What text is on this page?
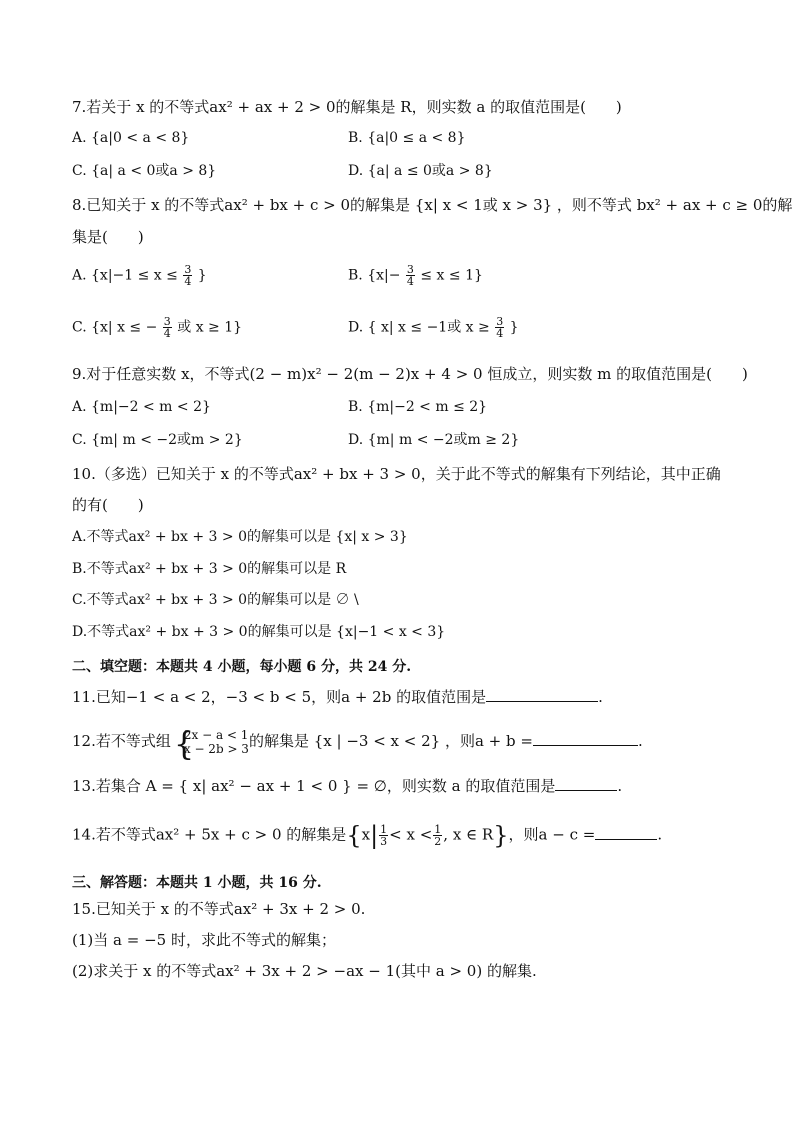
7.若关于 x 的不等式ax² + ax + 2 > 0的解集是 R，则实数 a 的取值范围是(　　)
A. {a|0 < a < 8}	B. {a|0 ≤ a < 8}
C. {a| a < 0或a > 8}	D. {a| a ≤ 0或a > 8}
8.已知关于 x 的不等式ax² + bx + c > 0的解集是 {x| x < 1或 x > 3} ，则不等式 bx² + ax + c ≥ 0的解
集是(　　)
A. {$x|-1 \le x \le \frac{3}{4}$ }	B. $\{x|- \frac{3}{4} \le x \le 1\}$
C. {x| x ≤ − $\frac{3}{4}$ 或 x ≥ 1}	D. { x| x ≤ −1或 $x \ge \frac{3}{4}$ }
9.对于任意实数 x，不等式(2 − m)x² − 2(m − 2)x + 4 > 0 恒成立，则实数 m 的取值范围是(　　)
A. {m|−2 < m < 2}	B. {m|−2 < m ≤ 2}
C. {m| m < −2或m > 2}	D. {m| m < −2或m ≥ 2}
10.（多选）已知关于 x 的不等式ax² + bx + 3 > 0，关于此不等式的解集有下列结论，其中正确
的有(　　)
A.不等式ax² + bx + 3 > 0的解集可以是 {x| x > 3}
B.不等式ax² + bx + 3 > 0的解集可以是 R
C.不等式ax² + bx + 3 > 0的解集可以是 ∅ \
D.不等式ax² + bx + 3 > 0的解集可以是 {x|−1 < x < 3}
二、填空题：本题共 4 小题，每小题 6 分，共 24 分.
11.已知−1 < a < 2，−3 < b < 5，则a + 2b 的取值范围是	.
12.若不等式组 {
2x − a < 1
x − 2b > 3 的解集是 {x | −3 < x < 2} ，则a + b =	.
13.若集合 A = { x| ax² − ax + 1 < 0 } = ∅，则实数 a 的取值范围是	.
14.若不等式ax² + 5x + c > 0 的解集是{$x| \frac{1}{3} < x < \frac{1}{2}$ , x ∈ R}，则a − c =	.
三、解答题：本题共 1 小题，共 16 分.
15.已知关于 x 的不等式ax² + 3x + 2 > 0.
(1)当 a = −5 时，求此不等式的解集；
(2)求关于 x 的不等式ax² + 3x + 2 > −ax − 1(其中 a > 0) 的解集.
